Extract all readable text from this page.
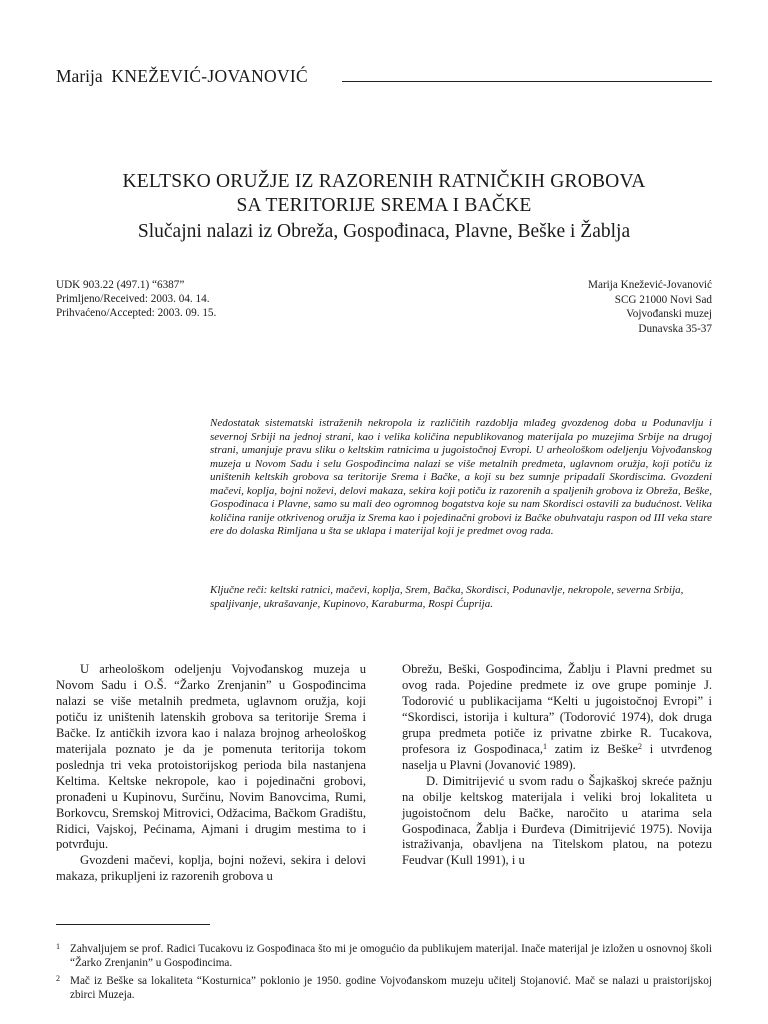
Marija KNEŽEVIĆ-JOVANOVIĆ
KELTSKO ORUŽJE IZ RAZORENIH RATNIČKIH GROBOVA
SA TERITORIJE SREMA I BAČKE
Slučajni nalazi iz Obreža, Gospođinaca, Plavne, Beške i Žablja
UDK 903.22 (497.1) “6387”
Primljeno/Received: 2003. 04. 14.
Prihvaćeno/Accepted: 2003. 09. 15.
Marija Knežević-Jovanović
SCG 21000 Novi Sad
Vojvođanski muzej
Dunavska 35-37

Nedostatak sistematski istraženih nekropola iz različitih razdoblja mlađeg gvozdenog doba u Podunavlju i severnoj Srbiji na jednoj strani, kao i velika količina nepublikovanog materijala po muzejima Srbije na drugoj strani, umanjuje pravu sliku o keltskim ratnicima u jugoistočnoj Evropi. U arheološkom odeljenju Vojvođanskog muzeja u Novom Sadu i selu Gospođincima nalazi se više metalnih predmeta, uglavnom oružja, koji potiču iz uništenih keltskih grobova sa teritorije Srema i Bačke, a koji su bez sumnje pripadali Skordiscima. Gvozdeni mačevi, koplja, bojni noževi, delovi makaza, sekira koji potiču iz razorenih a spaljenih grobova iz Obreža, Beške, Gospođinaca i Plavne, samo su mali deo ogromnog bogatstva koje su nam Skordisci ostavili za budućnost. Velika količina ranije otkrivenog oružja iz Srema kao i pojedinačni grobovi iz Bačke obuhvataju raspon od III veka stare ere do dolaska Rimljana u šta se uklapa i materijal koji je predmet ovog rada.

Ključne reči: keltski ratnici, mačevi, koplja, Srem, Bačka, Skordisci, Podunavlje, nekropole, severna Srbija, spaljivanje, ukrašavanje, Kupinovo, Karaburma, Rospi Ćuprija.

U arheološkom odeljenju Vojvođanskog muzeja u Novom Sadu i O.Š. “Žarko Zrenjanin” u Gospođincima nalazi se više metalnih predmeta, uglavnom oružja, koji potiču iz uništenih latenskih grobova sa teritorije Srema i Bačke. Iz antičkih izvora kao i nalaza brojnog arheološkog materijala poznato je da je pomenuta teritorija tokom poslednja tri veka protoistorijskog perioda bila nastanjena Keltima. Keltske nekropole, kao i pojedinačni grobovi, pronađeni u Kupinovu, Surčinu, Novim Banovcima, Rumi, Borkovcu, Sremskoj Mitrovici, Odžacima, Bačkom Gradištu, Ridici, Vajskoj, Pećinama, Ajmani i drugim mestima to i potvrđuju.

Gvozdeni mačevi, koplja, bojni noževi, sekira i delovi makaza, prikupljeni iz razorenih grobova u

Obrežu, Beški, Gospođincima, Žablju i Plavni predmet su ovog rada. Pojedine predmete iz ove grupe pominje J. Todorović u publikacijama “Kelti u jugoistočnoj Evropi” i “Skordisci, istorija i kultura” (Todorović 1974), dok druga grupa predmeta potiče iz privatne zbirke R. Tucakova, profesora iz Gospođinaca,$^1$ zatim iz Beške$^2$ i utvrđenog naselja u Plavni (Jovanović 1989).

D. Dimitrijević u svom radu o Šajkaškoj skreće pažnju na obilje keltskog materijala i veliki broj lokaliteta u jugoistočnom delu Bačke, naročito u atarima sela Gospođinaca, Žablja i Đurđeva (Dimitrijević 1975). Novija istraživanja, obavljena na Titelskom platou, na potezu Feudvar (Kull 1991), i u

1 Zahvaljujem se prof. Radici Tucakovu iz Gospođinaca što mi je omogućio da publikujem materijal. Inače materijal je izložen u osnovnoj školi “Žarko Zrenjanin” u Gospođincima.
2 Mač iz Beške sa lokaliteta “Kosturnica” poklonio je 1950. godine Vojvođanskom muzeju učitelj Stojanović. Mač se nalazi u praistorijskoj zbirci Muzeja.
